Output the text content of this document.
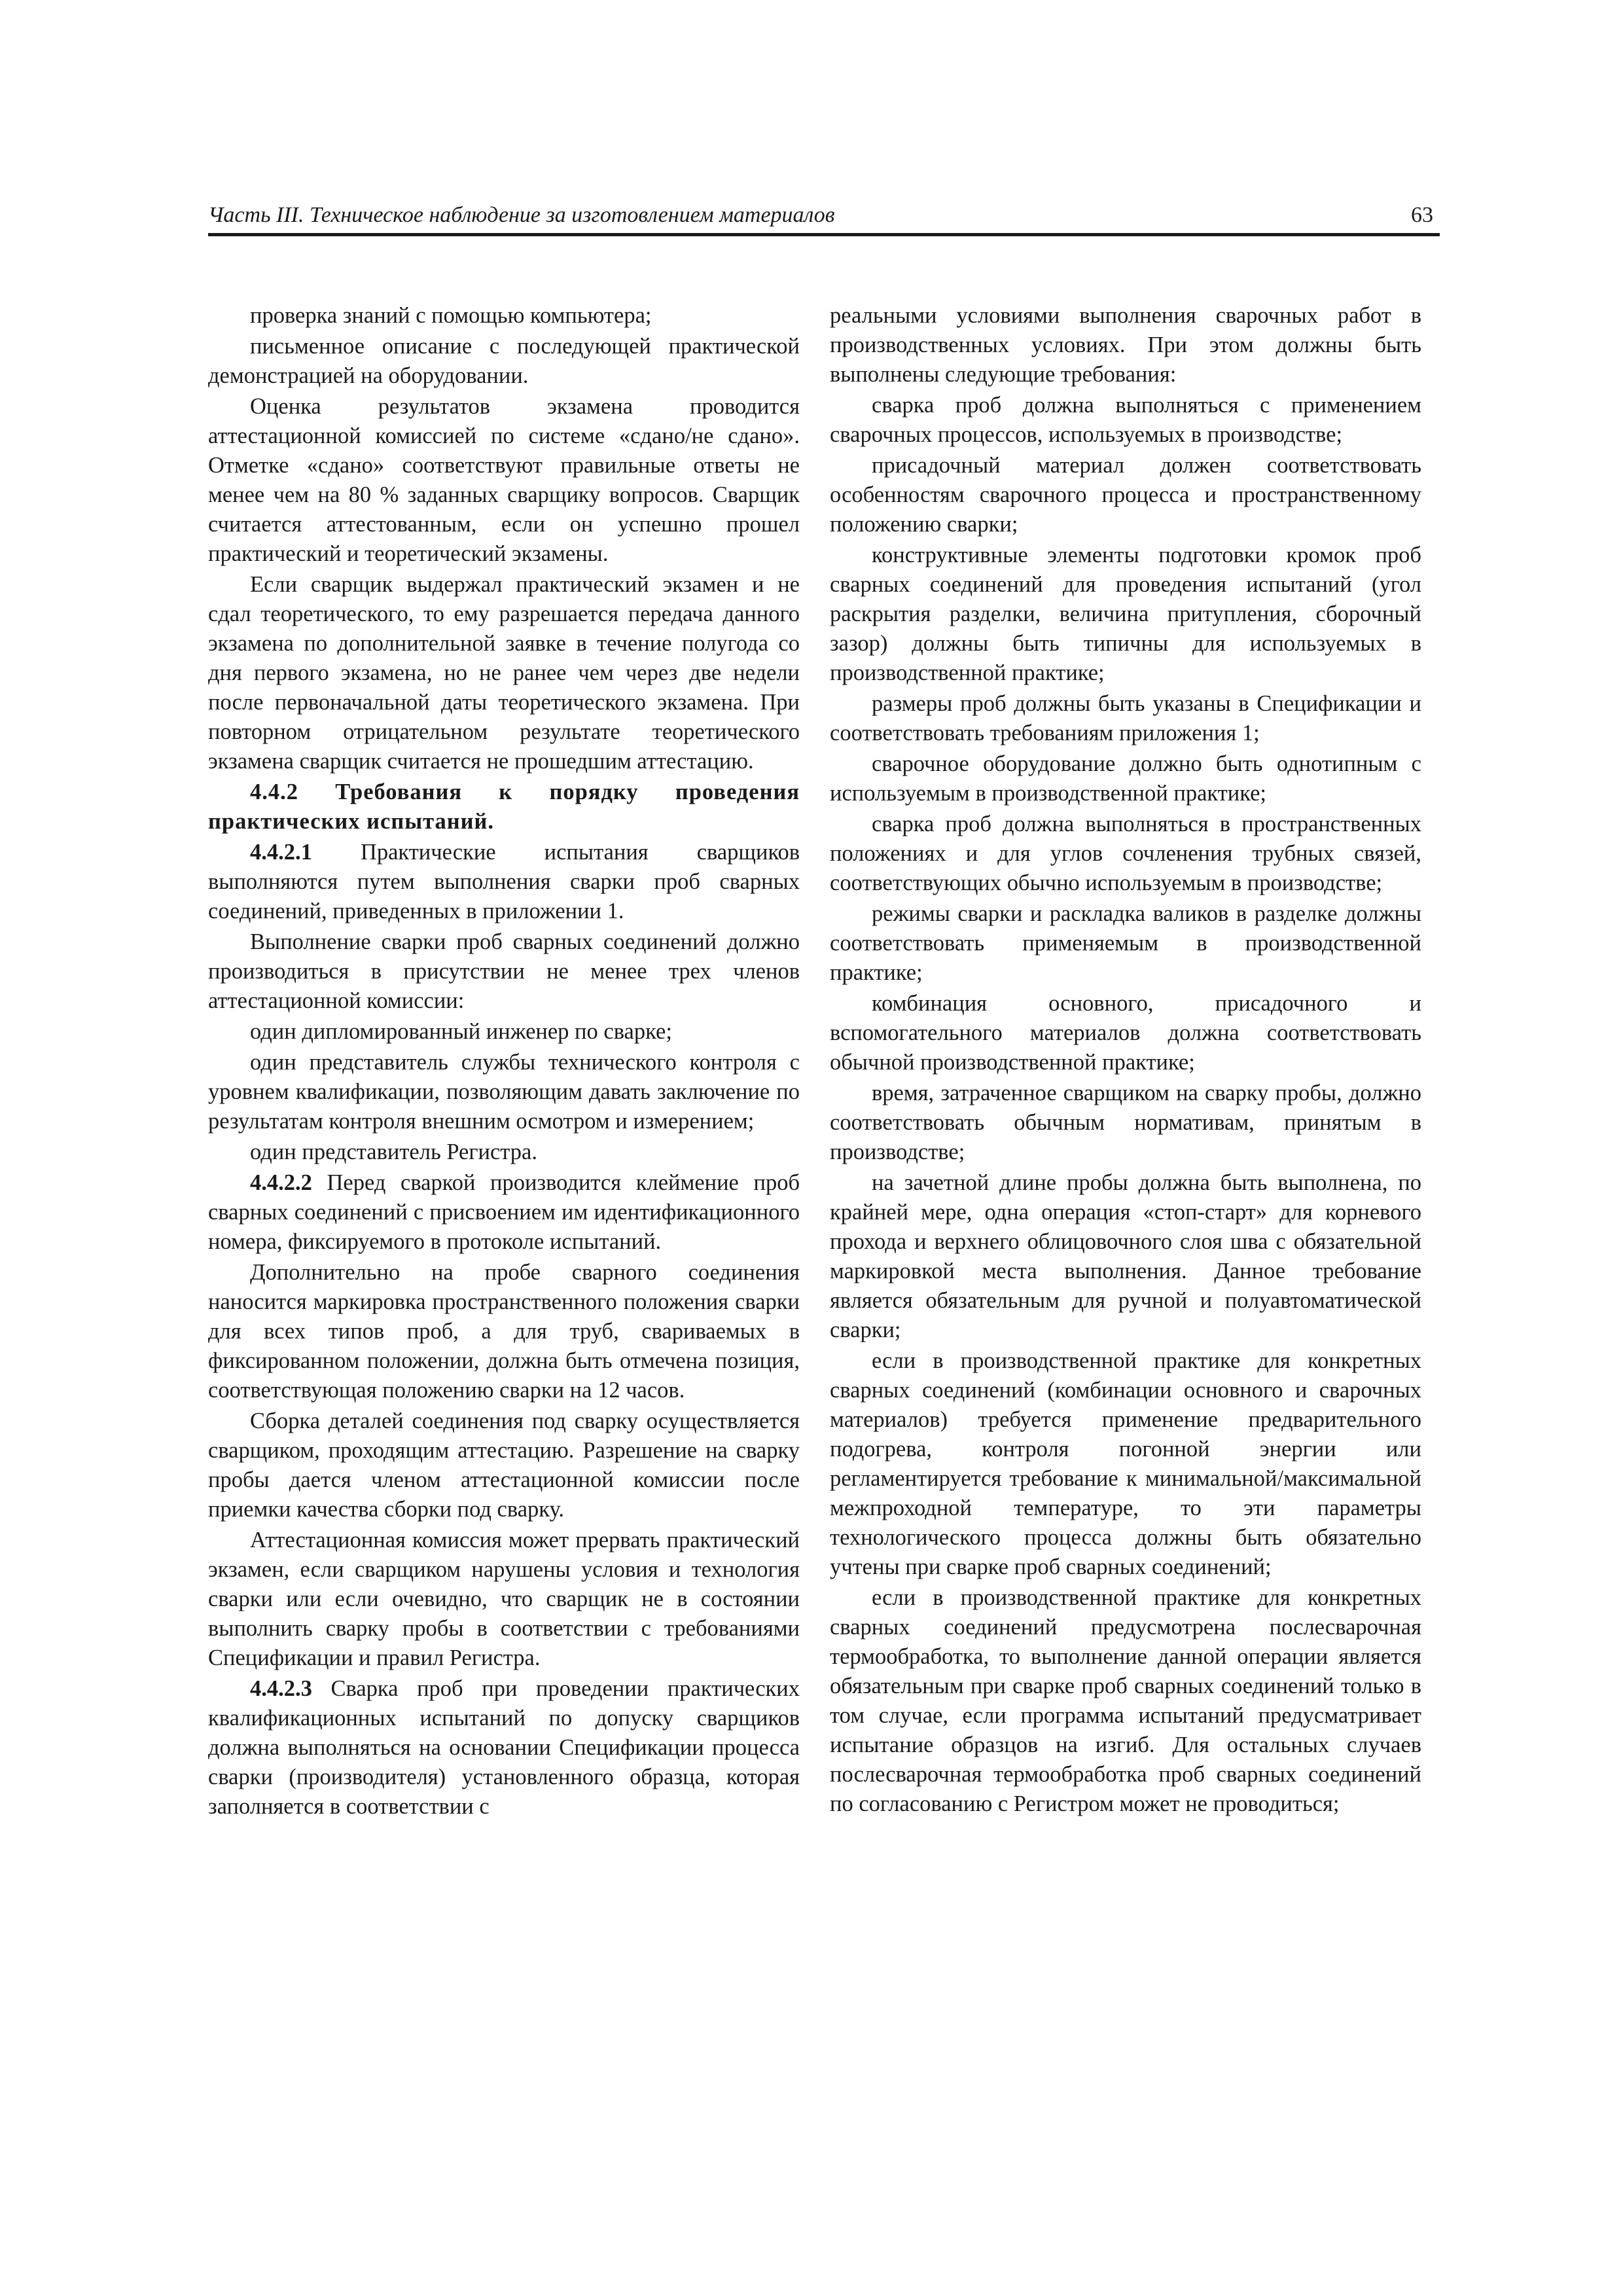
Часть III. Техническое наблюдение за изготовлением материалов	63

проверка знаний с помощью компьютера;

письменное описание с последующей практической демонстрацией на оборудовании.

Оценка результатов экзамена проводится аттестационной комиссией по системе «сдано/не сдано». Отметке «сдано» соответствуют правильные ответы не менее чем на 80 % заданных сварщику вопросов. Сварщик считается аттестованным, если он успешно прошел практический и теоретический экзамены.

Если сварщик выдержал практический экзамен и не сдал теоретического, то ему разрешается передача данного экзамена по дополнительной заявке в течение полугода со дня первого экзамена, но не ранее чем через две недели после первоначальной даты теоретического экзамена. При повторном отрицательном результате теоретического экзамена сварщик считается не прошедшим аттестацию.

4.4.2 Требования к порядку проведения практических испытаний.

4.4.2.1 Практические испытания сварщиков выполняются путем выполнения сварки проб сварных соединений, приведенных в приложении 1.

Выполнение сварки проб сварных соединений должно производиться в присутствии не менее трех членов аттестационной комиссии:

один дипломированный инженер по сварке;

один представитель службы технического контроля с уровнем квалификации, позволяющим давать заключение по результатам контроля внешним осмотром и измерением;

один представитель Регистра.

4.4.2.2 Перед сваркой производится клеймение проб сварных соединений с присвоением им идентификационного номера, фиксируемого в протоколе испытаний.

Дополнительно на пробе сварного соединения наносится маркировка пространственного положения сварки для всех типов проб, а для труб, свариваемых в фиксированном положении, должна быть отмечена позиция, соответствующая положению сварки на 12 часов.

Сборка деталей соединения под сварку осуществляется сварщиком, проходящим аттестацию. Разрешение на сварку пробы дается членом аттестационной комиссии после приемки качества сборки под сварку.

Аттестационная комиссия может прервать практический экзамен, если сварщиком нарушены условия и технология сварки или если очевидно, что сварщик не в состоянии выполнить сварку пробы в соответствии с требованиями Спецификации и правил Регистра.

4.4.2.3 Сварка проб при проведении практических квалификационных испытаний по допуску сварщиков должна выполняться на основании Спецификации процесса сварки (производителя) установленного образца, которая заполняется в соответствии с

реальными условиями выполнения сварочных работ в производственных условиях. При этом должны быть выполнены следующие требования:

сварка проб должна выполняться с применением сварочных процессов, используемых в производстве;

присадочный материал должен соответствовать особенностям сварочного процесса и пространственному положению сварки;

конструктивные элементы подготовки кромок проб сварных соединений для проведения испытаний (угол раскрытия разделки, величина притупления, сборочный зазор) должны быть типичны для используемых в производственной практике;

размеры проб должны быть указаны в Спецификации и соответствовать требованиям приложения 1;

сварочное оборудование должно быть однотипным с используемым в производственной практике;

сварка проб должна выполняться в пространственных положениях и для углов сочленения трубных связей, соответствующих обычно используемым в производстве;

режимы сварки и раскладка валиков в разделке должны соответствовать применяемым в производственной практике;

комбинация основного, присадочного и вспомогательного материалов должна соответствовать обычной производственной практике;

время, затраченное сварщиком на сварку пробы, должно соответствовать обычным нормативам, принятым в производстве;

на зачетной длине пробы должна быть выполнена, по крайней мере, одна операция «стоп-старт» для корневого прохода и верхнего облицовочного слоя шва с обязательной маркировкой места выполнения. Данное требование является обязательным для ручной и полуавтоматической сварки;

если в производственной практике для конкретных сварных соединений (комбинации основного и сварочных материалов) требуется применение предварительного подогрева, контроля погонной энергии или регламентируется требование к минимальной/максимальной межпроходной температуре, то эти параметры технологического процесса должны быть обязательно учтены при сварке проб сварных соединений;

если в производственной практике для конкретных сварных соединений предусмотрена послесварочная термообработка, то выполнение данной операции является обязательным при сварке проб сварных соединений только в том случае, если программа испытаний предусматривает испытание образцов на изгиб. Для остальных случаев послесварочная термообработка проб сварных соединений по согласованию с Регистром может не проводиться;
